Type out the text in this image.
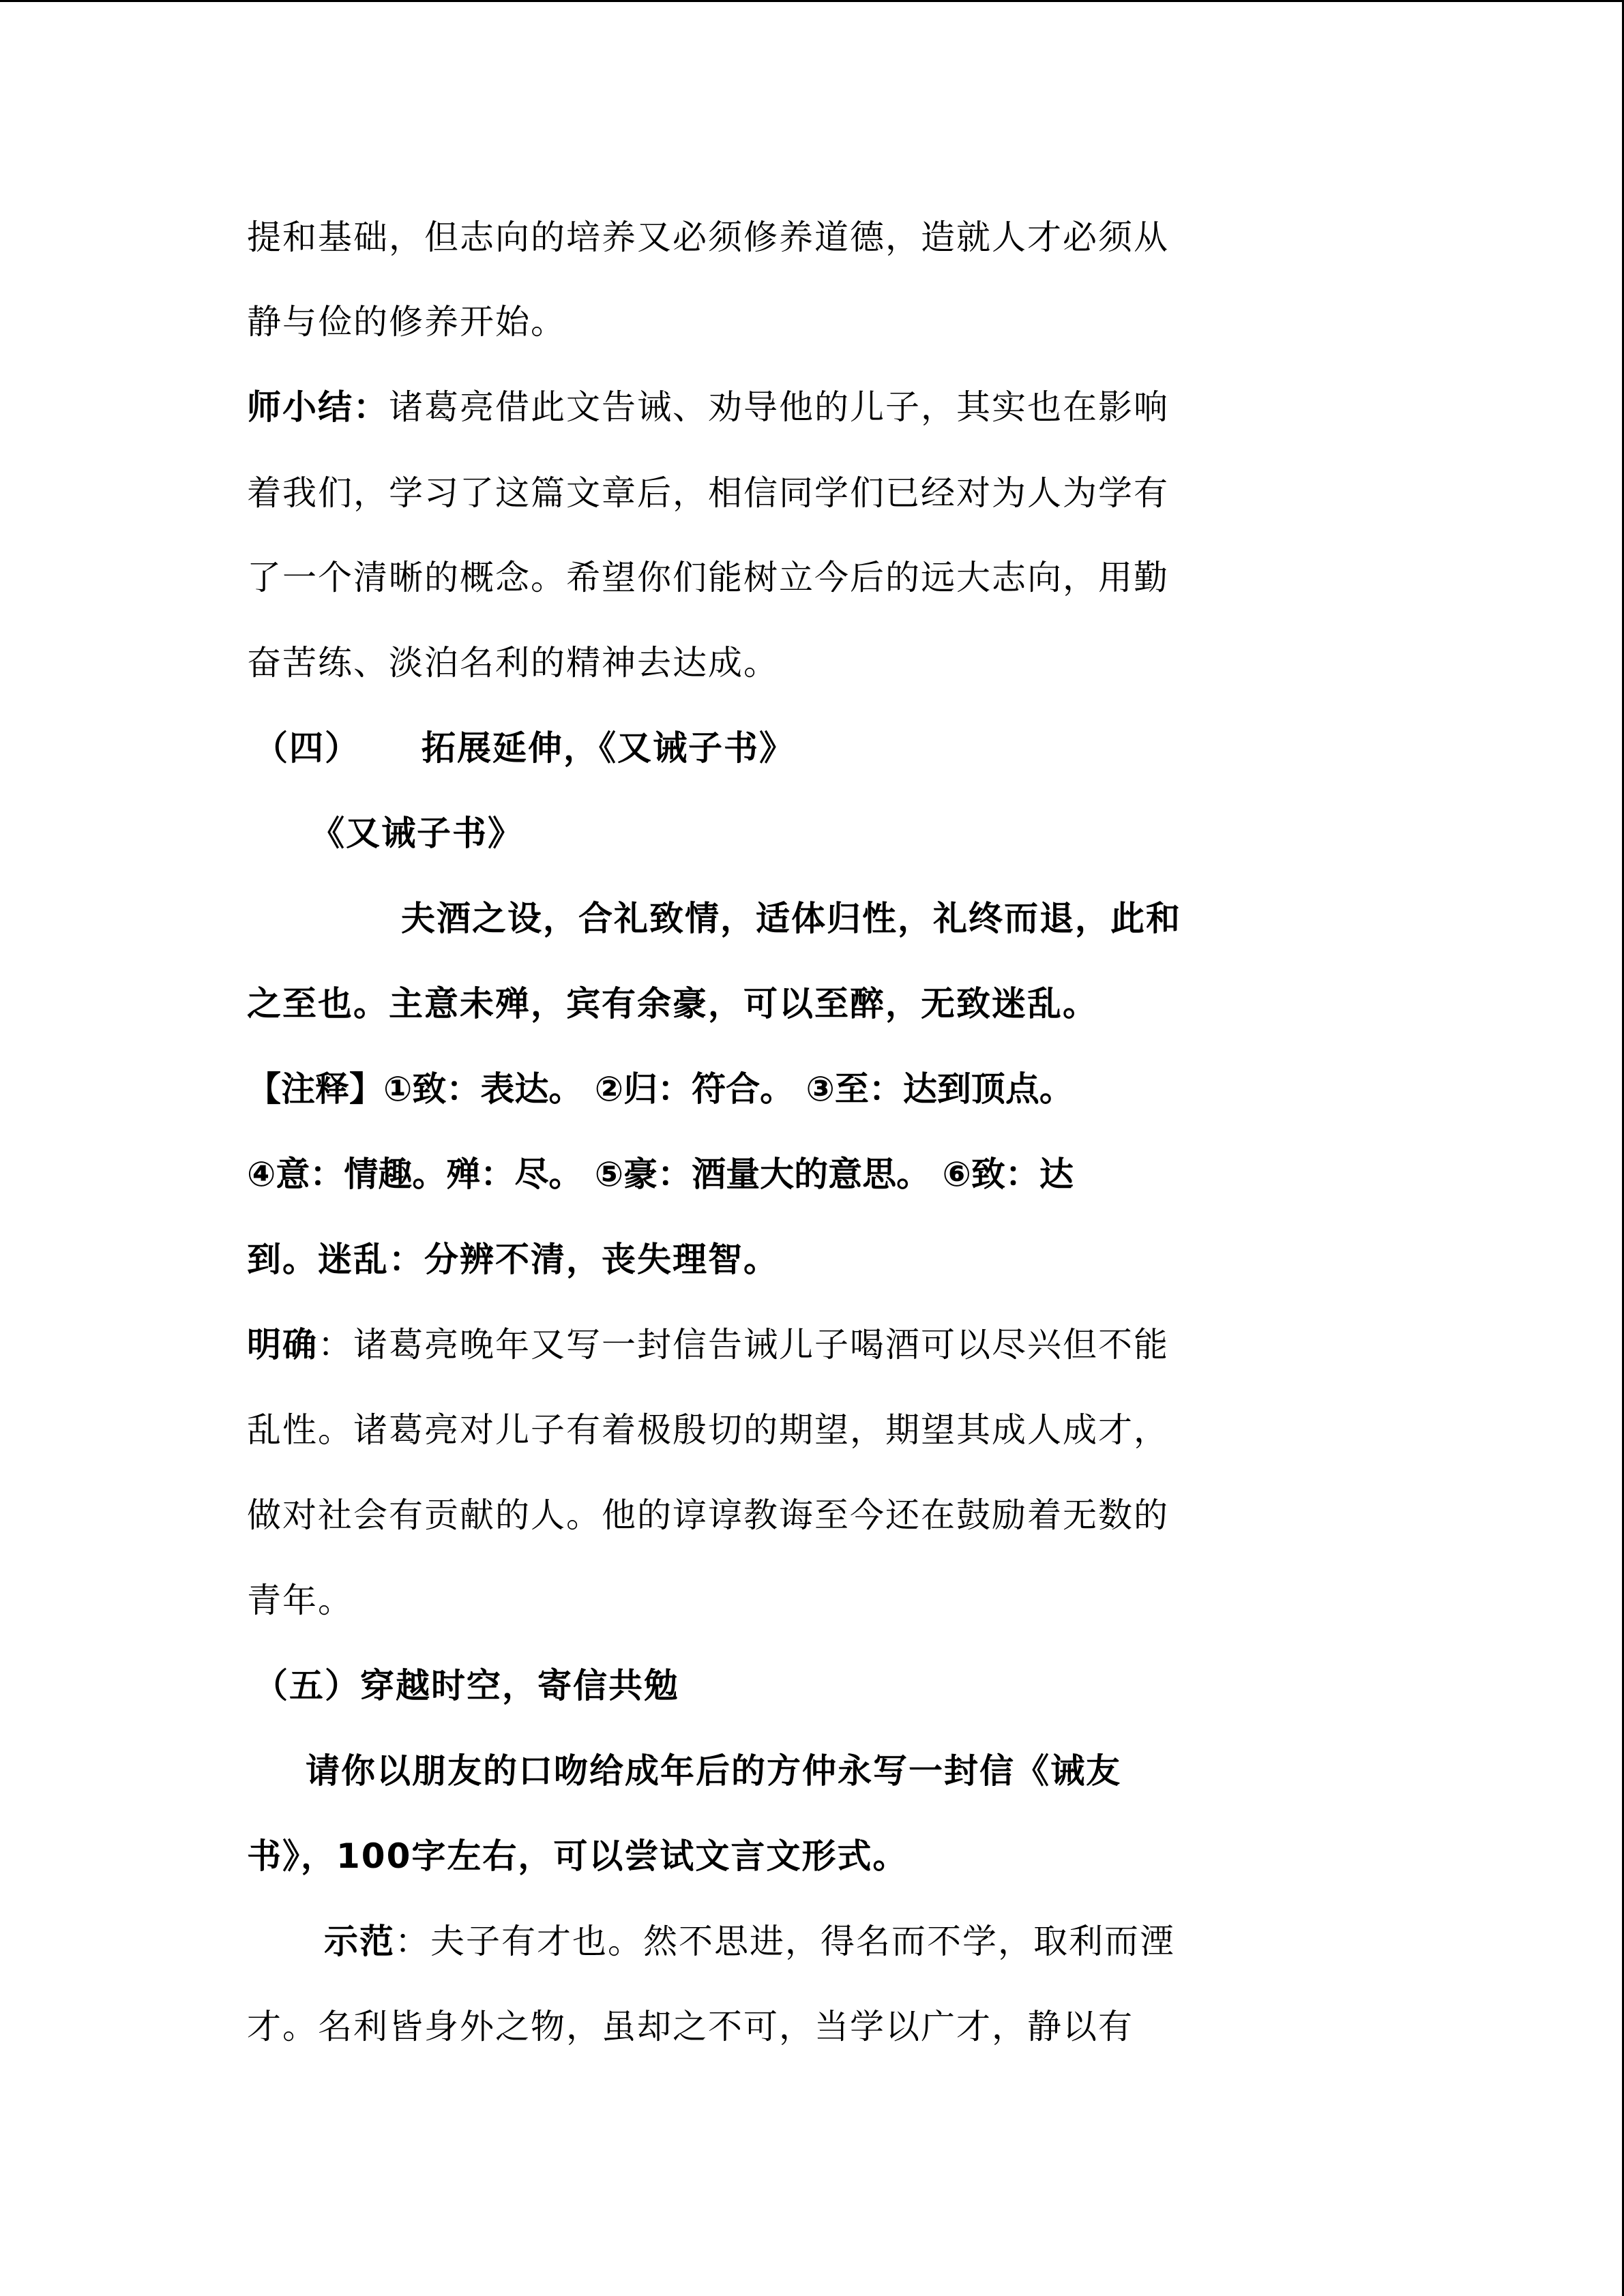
提和基础，但志向的培养又必须修养道德，造就人才必须从
静与俭的修养开始。
师小结：诸葛亮借此文告诫、劝导他的儿子，其实也在影响
着我们，学习了这篇文章后，相信同学们已经对为人为学有
了一个清晰的概念。希望你们能树立今后的远大志向，用勤
奋苦练、淡泊名利的精神去达成。
（四） 拓展延伸，《又诫子书》
《又诫子书》
夫酒之设，合礼致情，适体归性，礼终而退，此和
之至也。主意未殚，宾有余豪，可以至醉，无致迷乱。
【注释】①致：表达。 ②归：符合。 ③至：达到顶点。
④意：情趣。殚：尽。 ⑤豪：酒量大的意思。 ⑥致：达
到。迷乱：分辨不清，丧失理智。
明确：诸葛亮晚年又写一封信告诫儿子喝酒可以尽兴但不能
乱性。诸葛亮对儿子有着极殷切的期望，期望其成人成才，
做对社会有贡献的人。他的谆谆教诲至今还在鼓励着无数的
青年。
（五）穿越时空，寄信共勉
请你以朋友的口吻给成年后的方仲永写一封信《诫友
书》，100字左右，可以尝试文言文形式。
示范：夫子有才也。然不思进，得名而不学，取利而湮
才。名利皆身外之物，虽却之不可，当学以广才，静以有
